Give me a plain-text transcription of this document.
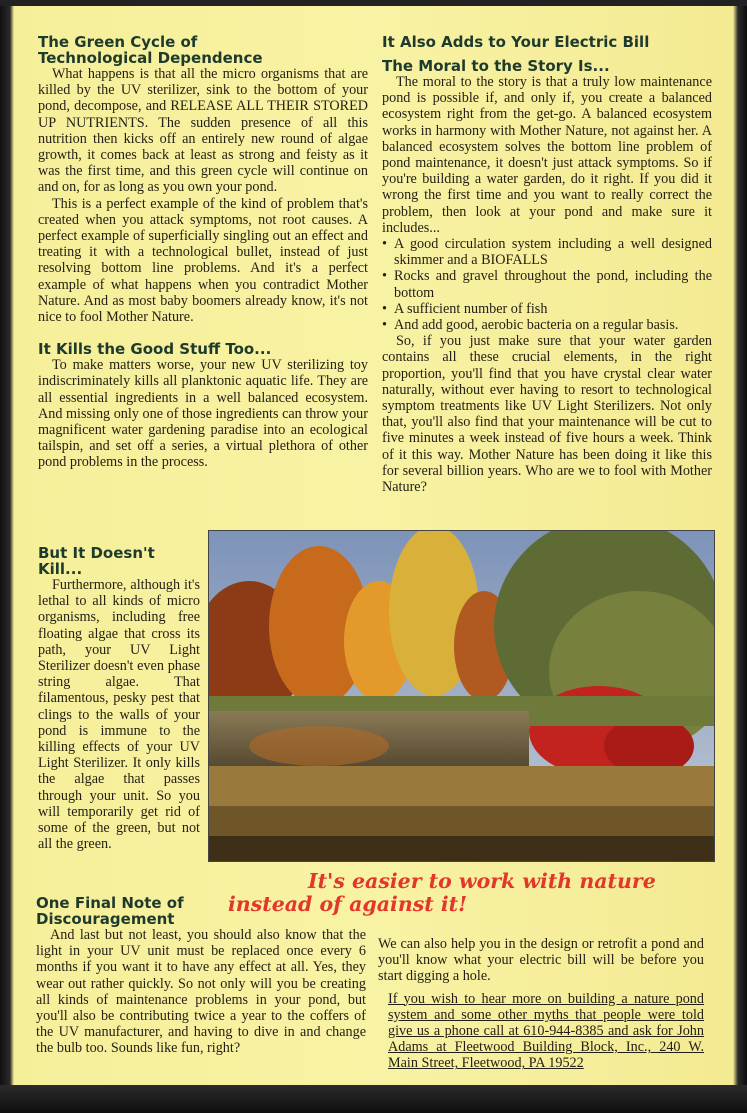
The Green Cycle of Technological Dependence

What happens is that all the micro organisms that are killed by the UV sterilizer, sink to the bottom of your pond, decompose, and RELEASE ALL THEIR STORED UP NUTRIENTS. The sudden presence of all this nutrition then kicks off an entirely new round of algae growth, it comes back at least as strong and feisty as it was the first time, and this green cycle will continue on and on, for as long as you own your pond.

This is a perfect example of the kind of problem that's created when you attack symptoms, not root causes. A perfect example of superficially singling out an effect and treating it with a technological bullet, instead of just resolving bottom line problems. And it's a perfect example of what happens when you contradict Mother Nature. And as most baby boomers already know, it's not nice to fool Mother Nature.

It Kills the Good Stuff Too...

To make matters worse, your new UV sterilizing toy indiscriminately kills all planktonic aquatic life. They are all essential ingredients in a well balanced ecosystem. And missing only one of those ingredients can throw your magnificent water gardening paradise into an ecological tailspin, and set off a series, a virtual plethora of other pond problems in the process.

It Also Adds to Your Electric Bill
The Moral to the Story Is...

The moral to the story is that a truly low maintenance pond is possible if, and only if, you create a balanced ecosystem right from the get-go. A balanced ecosystem works in harmony with Mother Nature, not against her. A balanced ecosystem solves the bottom line problem of pond maintenance, it doesn't just attack symptoms. So if you're building a water garden, do it right. If you did it wrong the first time and you want to really correct the problem, then look at your pond and make sure it includes...

• A good circulation system including a well designed skimmer and a BIOFALLS
• Rocks and gravel throughout the pond, including the bottom
• A sufficient number of fish
• And add good, aerobic bacteria on a regular basis.

So, if you just make sure that your water garden contains all these crucial elements, in the right proportion, you'll find that you have crystal clear water naturally, without ever having to resort to technological symptom treatments like UV Light Sterilizers. Not only that, you'll also find that your maintenance will be cut to five minutes a week instead of five hours a week. Think of it this way. Mother Nature has been doing it like this for several billion years. Who are we to fool with Mother Nature?

But It Doesn't Kill...

Furthermore, although it's lethal to all kinds of micro organisms, including free floating algae that cross its path, your UV Light Sterilizer doesn't even phase string algae. That filamentous, pesky pest that clings to the walls of your pond is immune to the killing effects of your UV Light Sterilizer. It only kills the algae that passes through your unit. So you will temporarily get rid of some of the green, but not all the green.

It's easier to work with nature
instead of against it!
One Final Note of Discouragement

And last but not least, you should also know that the light in your UV unit must be replaced once every 6 months if you want it to have any effect at all. Yes, they wear out rather quickly. So not only will you be creating all kinds of maintenance problems in your pond, but you'll also be contributing twice a year to the coffers of the UV manufacturer, and having to dive in and change the bulb too. Sounds like fun, right?

We can also help you in the design or retrofit a pond and you'll know what your electric bill will be before you start digging a hole.

If you wish to hear more on building a nature pond system and some other myths that people were told give us a phone call at 610-944-8385 and ask for John Adams at Fleetwood Building Block, Inc., 240 W. Main Street, Fleetwood, PA 19522
